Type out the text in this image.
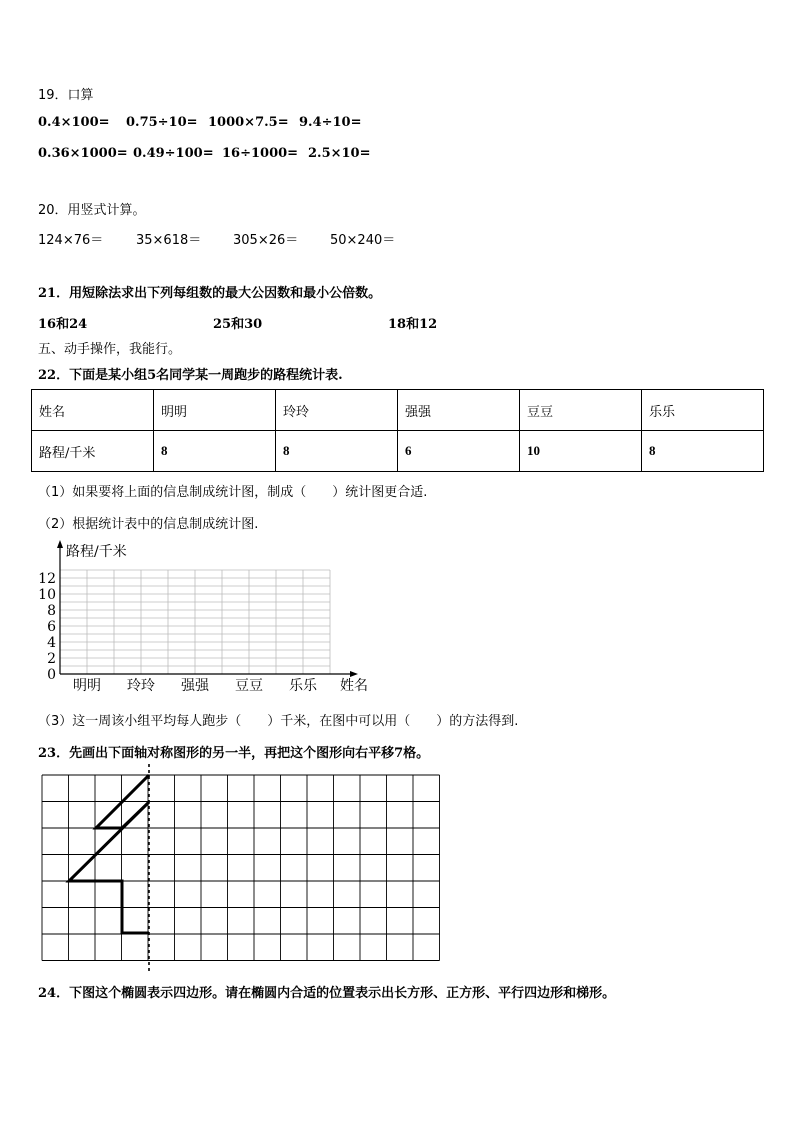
19．口算
0.4×100= 0.75÷10= 1000×7.5= 9.4÷10=
0.36×1000= 0.49÷100= 16÷1000= 2.5×10=
20．用竖式计算。
124×76＝	35×618＝ 305×26＝ 50×240＝
21．用短除法求出下列每组数的最大公因数和最小公倍数。
16和24	25和30	18和12
五、动手操作，我能行。
22．下面是某小组5名同学某一周跑步的路程统计表.
姓名	明明	玲玲	强强	豆豆	乐乐
路程/千米	8	8	6	10	8
（1）如果要将上面的信息制成统计图，制成（　　）统计图更合适.
（2）根据统计表中的信息制成统计图.
路程/千米
12
10
8
6
4
2
0
明明 玲玲 强强 豆豆 乐乐 姓名
（3）这一周该小组平均每人跑步（　　）千米，在图中可以用（　　）的方法得到.
23．先画出下面轴对称图形的另一半，再把这个图形向右平移7格。
24．下图这个椭圆表示四边形。请在椭圆内合适的位置表示出长方形、正方形、平行四边形和梯形。
